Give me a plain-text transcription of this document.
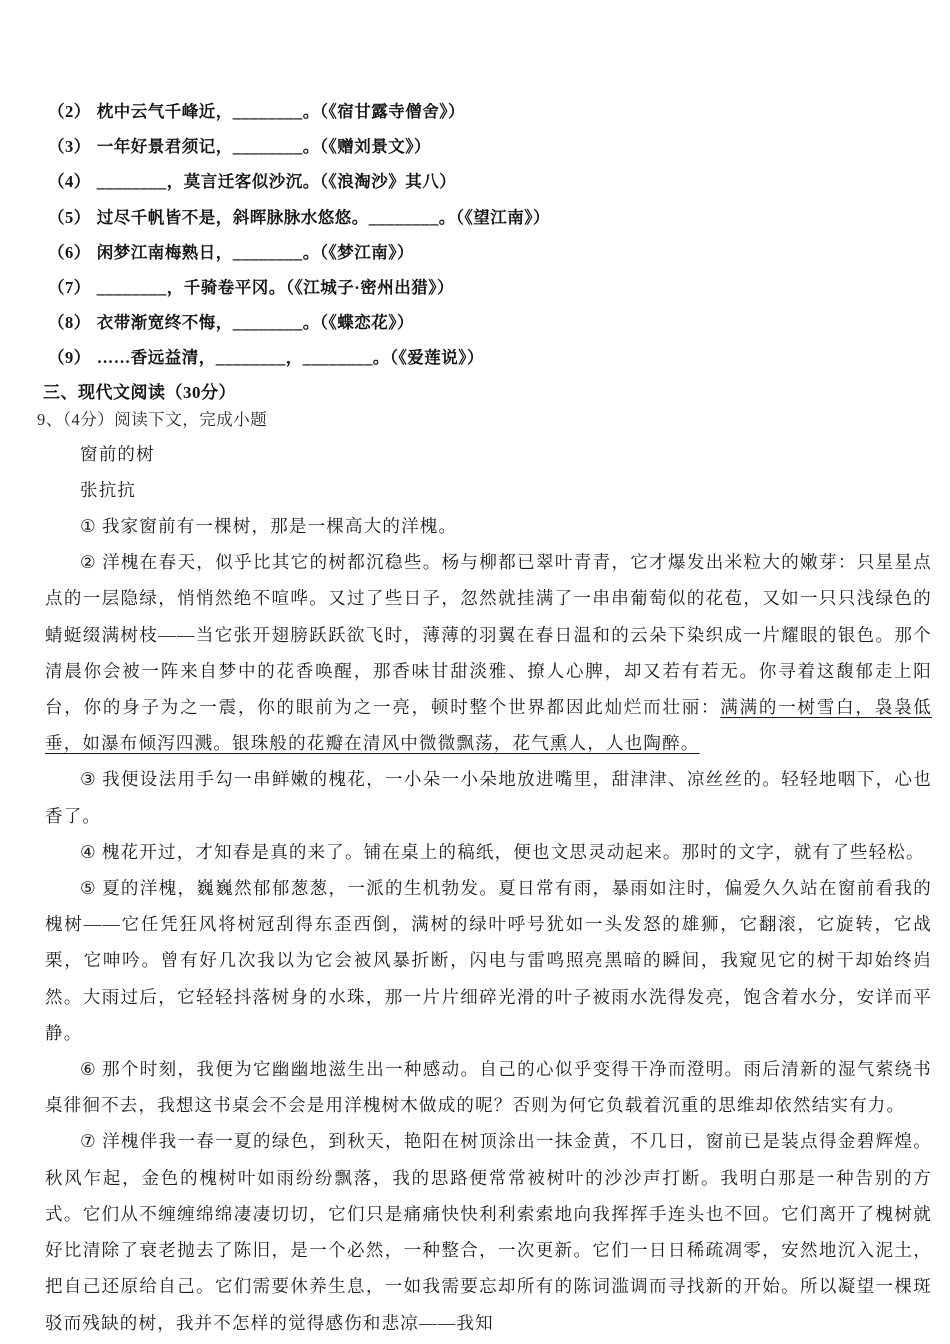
（2） 枕中云气千峰近，________。（《宿甘露寺僧舍》）

（3） 一年好景君须记，________。（《赠刘景文》）

（4） ________，莫言迁客似沙沉。（《浪淘沙》其八）

（5） 过尽千帆皆不是，斜晖脉脉水悠悠。________。（《望江南》）

（6） 闲梦江南梅熟日，________。（《梦江南》）

（7） ________，千骑卷平冈。（《江城子·密州出猎》）

（8） 衣带渐宽终不悔，________。（《蝶恋花》）

（9） ……香远益清，________，________。（《爱莲说》）

三、现代文阅读（30分）

9、（4分）阅读下文，完成小题

窗前的树

张抗抗

① 我家窗前有一棵树，那是一棵高大的洋槐。

② 洋槐在春天，似乎比其它的树都沉稳些。杨与柳都已翠叶青青，它才爆发出米粒大的嫩芽：只星星点点的一层隐绿，悄悄然绝不喧哗。又过了些日子，忽然就挂满了一串串葡萄似的花苞，又如一只只浅绿色的蜻蜓缀满树枝——当它张开翅膀跃跃欲飞时，薄薄的羽翼在春日温和的云朵下染织成一片耀眼的银色。那个清晨你会被一阵来自梦中的花香唤醒，那香味甘甜淡雅、撩人心脾，却又若有若无。你寻着这馥郁走上阳台，你的身子为之一震，你的眼前为之一亮，顿时整个世界都因此灿烂而壮丽：满满的一树雪白，袅袅低垂，如瀑布倾泻四溅。银珠般的花瓣在清风中微微飘荡，花气熏人，人也陶醉。

③ 我便设法用手勾一串鲜嫩的槐花，一小朵一小朵地放进嘴里，甜津津、凉丝丝的。轻轻地咽下，心也香了。

④ 槐花开过，才知春是真的来了。铺在桌上的稿纸，便也文思灵动起来。那时的文字，就有了些轻松。

⑤ 夏的洋槐，巍巍然郁郁葱葱，一派的生机勃发。夏日常有雨，暴雨如注时，偏爱久久站在窗前看我的槐树——它任凭狂风将树冠刮得东歪西倒，满树的绿叶呼号犹如一头发怒的雄狮，它翻滚，它旋转，它战栗，它呻吟。曾有好几次我以为它会被风暴折断，闪电与雷鸣照亮黑暗的瞬间，我窥见它的树干却始终岿然。大雨过后，它轻轻抖落树身的水珠，那一片片细碎光滑的叶子被雨水洗得发亮，饱含着水分，安详而平静。

⑥ 那个时刻，我便为它幽幽地滋生出一种感动。自己的心似乎变得干净而澄明。雨后清新的湿气萦绕书桌徘徊不去，我想这书桌会不会是用洋槐树木做成的呢？否则为何它负载着沉重的思维却依然结实有力。

⑦ 洋槐伴我一春一夏的绿色，到秋天，艳阳在树顶涂出一抹金黄，不几日，窗前已是装点得金碧辉煌。秋风乍起，金色的槐树叶如雨纷纷飘落，我的思路便常常被树叶的沙沙声打断。我明白那是一种告别的方式。它们从不缠缠绵绵凄凄切切，它们只是痛痛快快利利索索地向我挥挥手连头也不回。它们离开了槐树就好比清除了衰老抛去了陈旧，是一个必然，一种整合，一次更新。它们一日日稀疏凋零，安然地沉入泥土，把自己还原给自己。它们需要休养生息，一如我需要忘却所有的陈词滥调而寻找新的开始。所以凝望一棵斑驳而残缺的树，我并不怎样的觉得感伤和悲凉——我知
